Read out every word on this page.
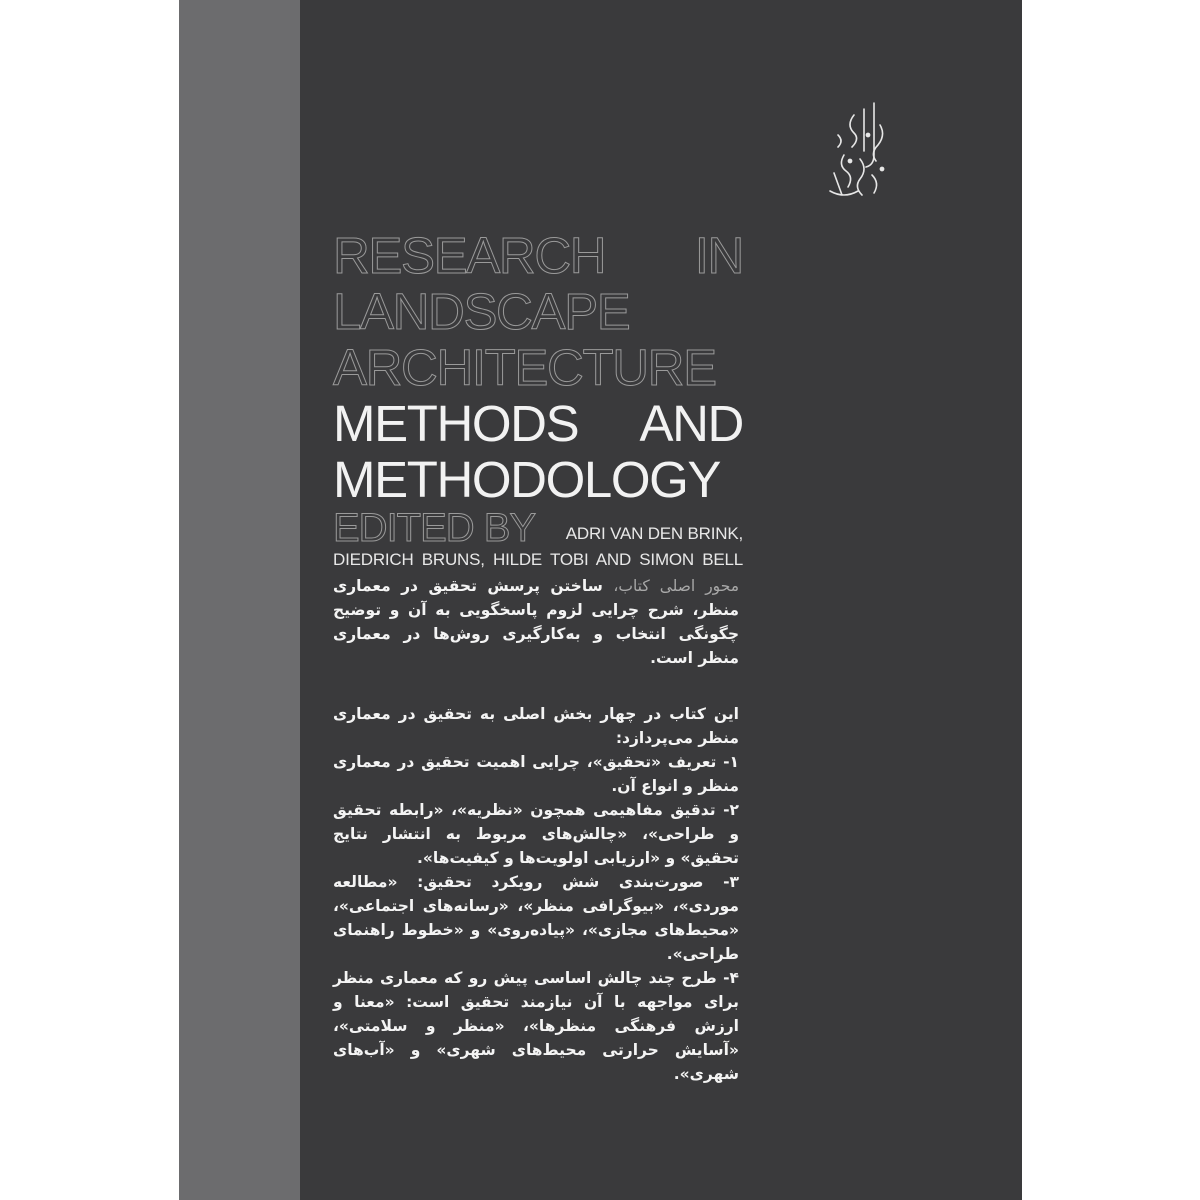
RESEARCH IN
LANDSCAPE
ARCHITECTURE
METHODS AND
METHODOLOGY
EDITED BY ADRI VAN DEN BRINK,
DIEDRICH BRUNS, HILDE TOBI AND SIMON BELL
محور اصلی کتاب، ساختن پرسش تحقیق در معماری منظر، شرح چرایی لزوم پاسخگویی به آن و توضیح چگونگی انتخاب و به‌کارگیری روش‌ها در معماری منظر است.

این کتاب در چهار بخش اصلی به تحقیق در معماری منظر می‌پردازد:

۱- تعریف «تحقیق»، چرایی اهمیت تحقیق در معماری منظر و انواع آن.

۲- تدقیق مفاهیمی همچون «نظریه»، «رابطه تحقیق و طراحی»، «چالش‌های مربوط به انتشار نتایج تحقیق» و «ارزیابی اولویت‌ها و کیفیت‌ها».

۳- صورت‌بندی شش رویکرد تحقیق: «مطالعه موردی»، «بیوگرافی منظر»، «رسانه‌های اجتماعی»، «محیط‌های مجازی»، «پیاده‌روی» و «خطوط راهنمای طراحی».

۴- طرح چند چالش اساسی پیش رو که معماری منظر برای مواجهه با آن نیازمند تحقیق است: «معنا و ارزش فرهنگی منظرها»، «منظر و سلامتی»، «آسایش حرارتی محیط‌های شهری» و «آب‌های شهری».
